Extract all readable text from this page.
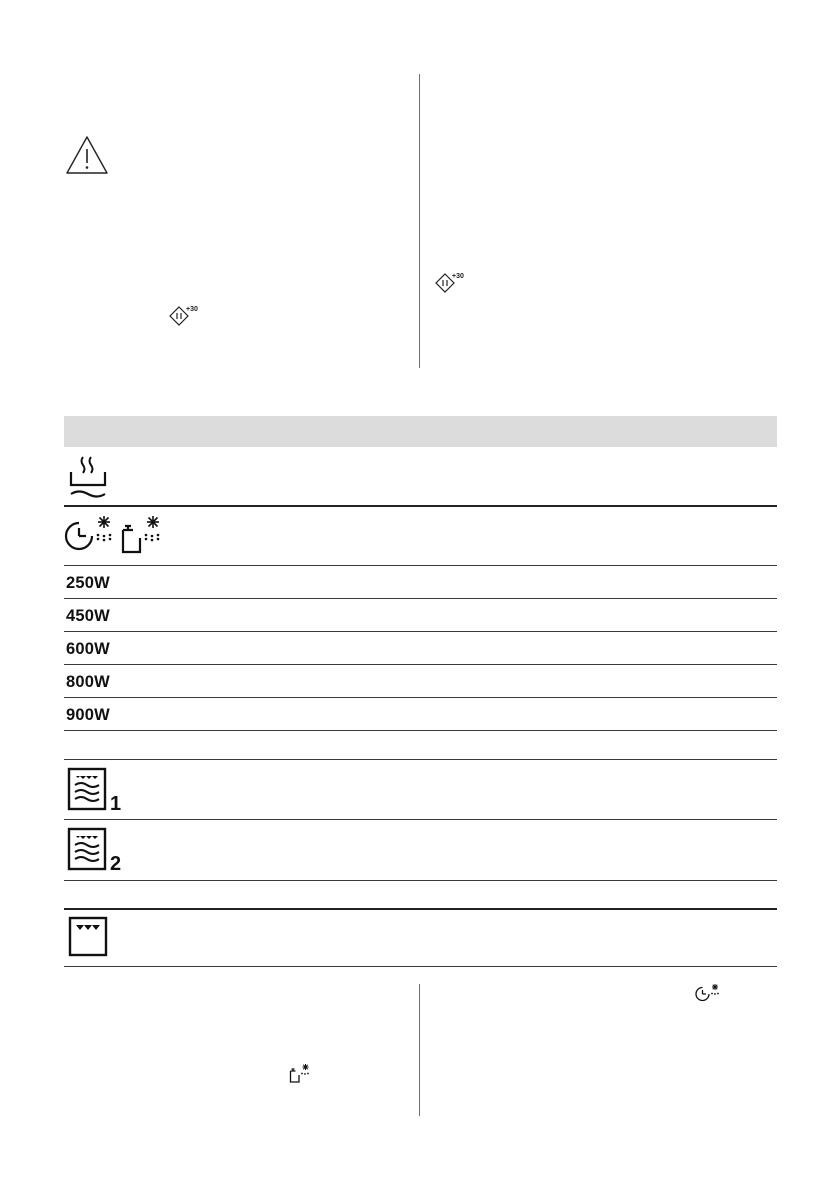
+30
+30
250W
450W
600W
800W
900W
1
2
